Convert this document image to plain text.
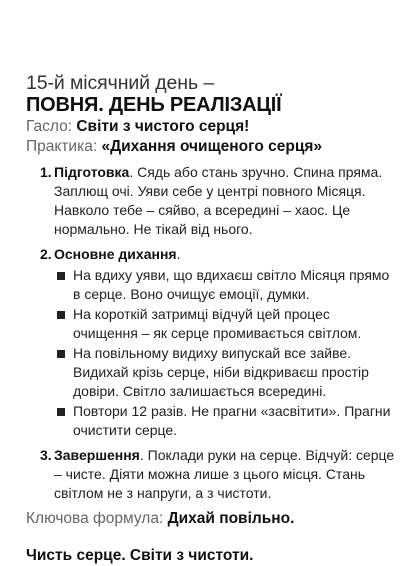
15-й місячний день –

ПОВНЯ. ДЕНЬ РЕАЛІЗАЦІЇ

Гасло: Світи з чистого серця!

Практика: «Дихання очищеного серця»

1. Підготовка. Сядь або стань зручно. Спина пряма. Заплющ очі. Уяви себе у центрі повного Місяця. Навколо тебе – сяйво, а всередині – хаос. Це нормально. Не тікай від нього.
2. Основне дихання.
На вдиху уяви, що вдихаєш світло Місяця прямо в серце. Воно очищує емоції, думки.
На короткій затримці відчуй цей процес очищення – як серце промивається світлом.
На повільному видиху випускай все зайве. Видихай крізь серце, ніби відкриваєш простір довіри. Світло залишається всередині.
Повтори 12 разів. Не прагни «засвітити». Прагни очистити серце.
3. Завершення. Поклади руки на серце. Відчуй: серце – чисте. Діяти можна лише з цього місця. Стань світлом не з напруги, а з чистоти.

Ключова формула: Дихай повільно.

Чисть серце. Світи з чистоти.
